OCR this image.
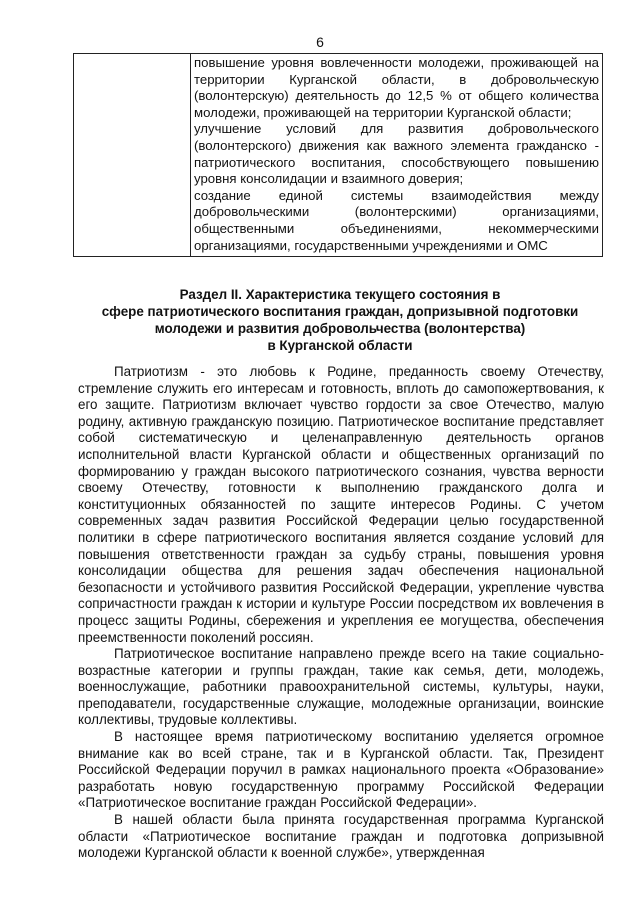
6

повышение уровня вовлеченности молодежи, проживающей на территории Курганской области, в добровольческую (волонтерскую) деятельность до 12,5 % от общего количества молодежи, проживающей на территории Курганской области;

улучшение условий для развития добровольческого (волонтерского) движения как важного элемента гражданско - патриотического воспитания, способствующего повышению уровня консолидации и взаимного доверия;

создание единой системы взаимодействия между добровольческими (волонтерскими) организациями, общественными объединениями, некоммерческими организациями, государственными учреждениями и ОМС

Раздел II. Характеристика текущего состояния в
сфере патриотического воспитания граждан, допризывной подготовки
молодежи и развития добровольчества (волонтерства)
в Курганской области

Патриотизм - это любовь к Родине, преданность своему Отечеству, стремление служить его интересам и готовность, вплоть до самопожертвования, к его защите. Патриотизм включает чувство гордости за свое Отечество, малую родину, активную гражданскую позицию. Патриотическое воспитание представляет собой систематическую и целенаправленную деятельность органов исполнительной власти Курганской области и общественных организаций по формированию у граждан высокого патриотического сознания, чувства верности своему Отечеству, готовности к выполнению гражданского долга и конституционных обязанностей по защите интересов Родины. С учетом современных задач развития Российской Федерации целью государственной политики в сфере патриотического воспитания является создание условий для повышения ответственности граждан за судьбу страны, повышения уровня консолидации общества для решения задач обеспечения национальной безопасности и устойчивого развития Российской Федерации, укрепление чувства сопричастности граждан к истории и культуре России посредством их вовлечения в процесс защиты Родины, сбережения и укрепления ее могущества, обеспечения преемственности поколений россиян.

Патриотическое воспитание направлено прежде всего на такие социально-возрастные категории и группы граждан, такие как семья, дети, молодежь, военнослужащие, работники правоохранительной системы, культуры, науки, преподаватели, государственные служащие, молодежные организации, воинские коллективы, трудовые коллективы.

В настоящее время патриотическому воспитанию уделяется огромное внимание как во всей стране, так и в Курганской области. Так, Президент Российской Федерации поручил в рамках национального проекта «Образование» разработать новую государственную программу Российской Федерации «Патриотическое воспитание граждан Российской Федерации».

В нашей области была принята государственная программа Курганской области «Патриотическое воспитание граждан и подготовка допризывной молодежи Курганской области к военной службе», утвержденная
